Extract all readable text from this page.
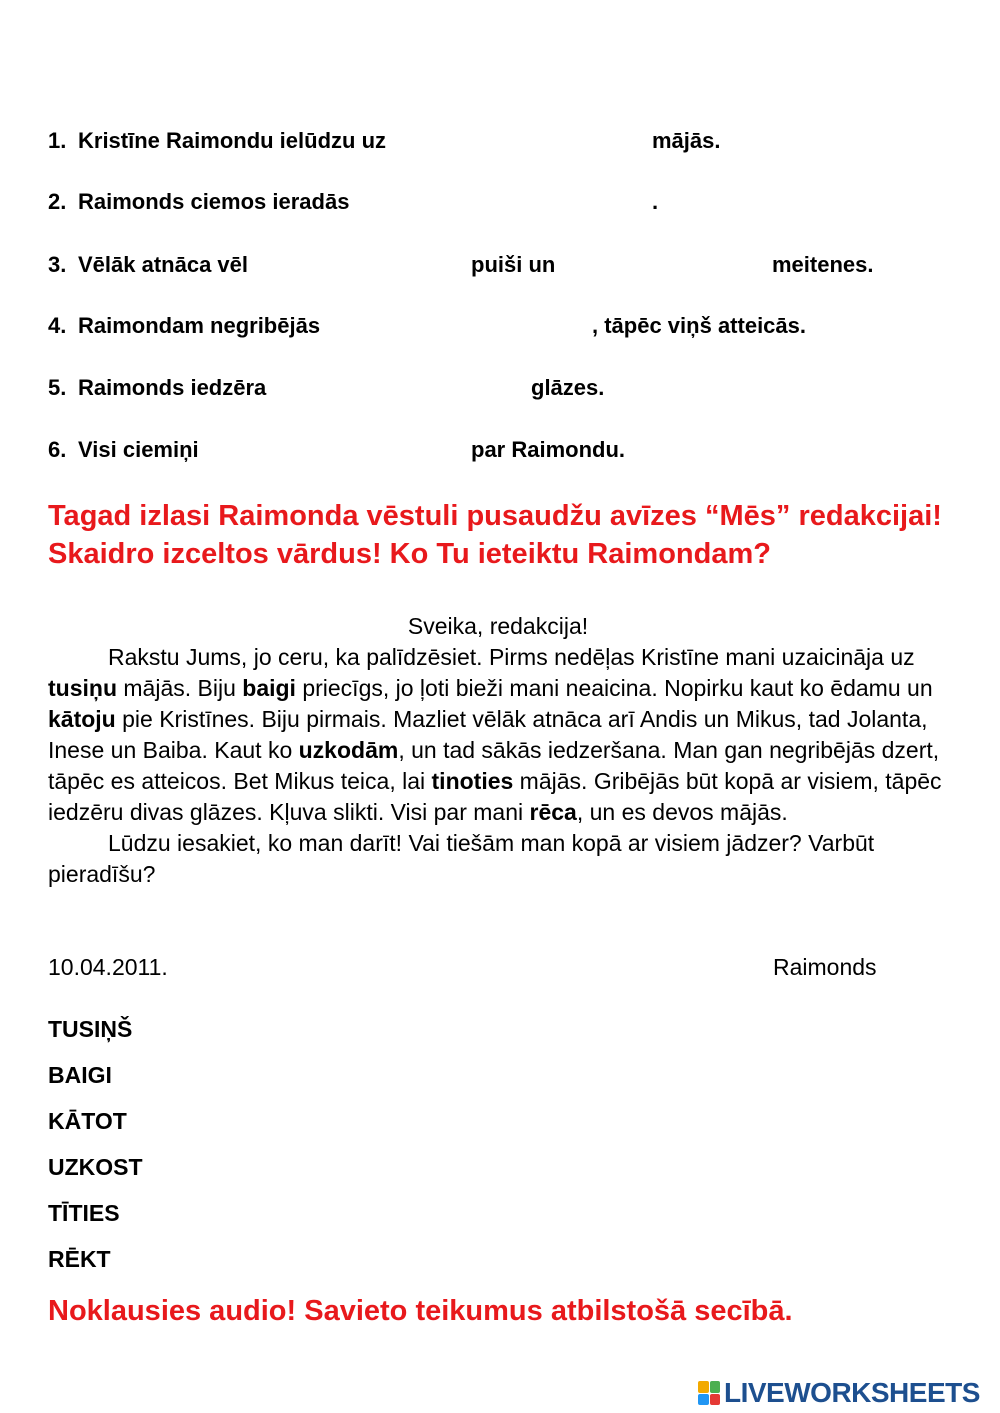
1. Kristīne Raimondu ielūdzu uz	mājās.
2. Raimonds ciemos ieradās	.
3. Vēlāk atnāca vēl	puiši un	meitenes.
4. Raimondam negribējās	, tāpēc viņš atteicās.
5. Raimonds iedzēra	glāzes.
6. Visi ciemiņi	par Raimondu.
Tagad izlasi Raimonda vēstuli pusaudžu avīzes “Mēs” redakcijai! Skaidro izceltos vārdus! Ko Tu ieteiktu Raimondam?

Sveika, redakcija!

Rakstu Jums, jo ceru, ka palīdzēsiet. Pirms nedēļas Kristīne mani uzaicināja uz tusiņu mājās. Biju baigi priecīgs, jo ļoti bieži mani neaicina. Nopirku kaut ko ēdamu un kātoju pie Kristīnes. Biju pirmais. Mazliet vēlāk atnāca arī Andis un Mikus, tad Jolanta, Inese un Baiba. Kaut ko uzkodām, un tad sākās iedzeršana. Man gan negribējās dzert, tāpēc es atteicos. Bet Mikus teica, lai tinoties mājās. Gribējās būt kopā ar visiem, tāpēc iedzēru divas glāzes. Kļuva slikti. Visi par mani rēca, un es devos mājās.

Lūdzu iesakiet, ko man darīt! Vai tiešām man kopā ar visiem jādzer? Varbūt pieradīšu?

10.04.2011.	Raimonds
TUSIŅŠ
BAIGI
KĀTOT
UZKOST
TĪTIES
RĒKT
Noklausies audio! Savieto teikumus atbilstošā secībā.
LIVEWORKSHEETS
